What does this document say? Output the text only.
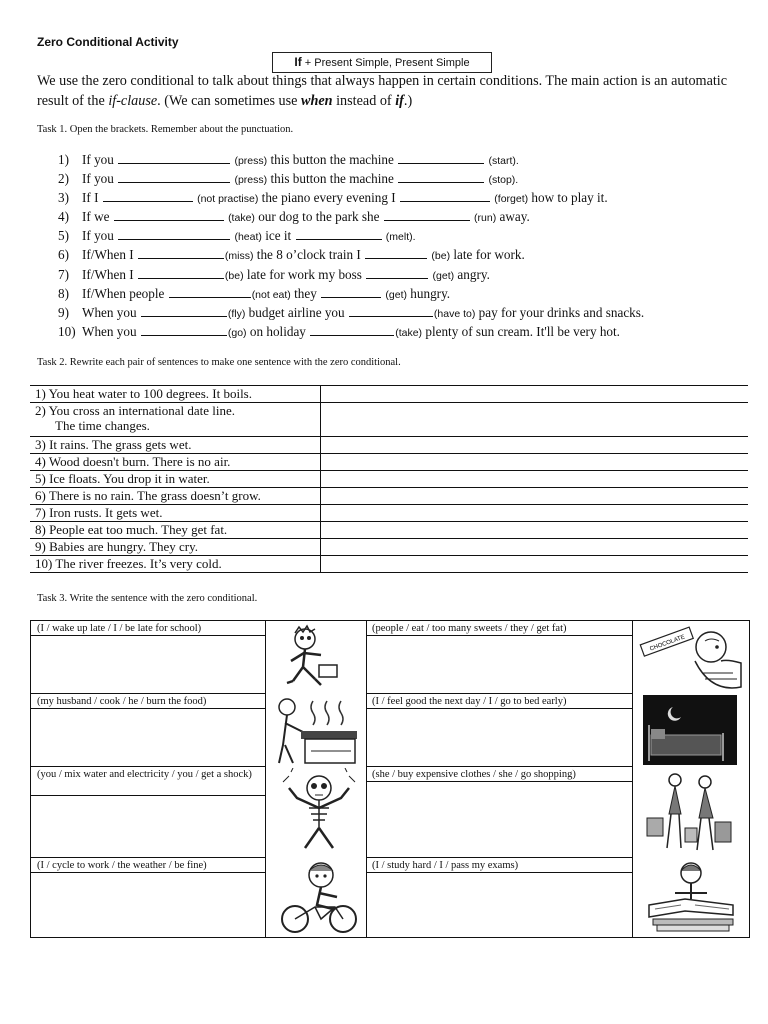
Zero Conditional Activity
If + Present Simple, Present Simple
We use the zero conditional to talk about things that always happen in certain conditions. The main action is an automatic result of the if-clause. (We can sometimes use when instead of if.)
Task 1. Open the brackets. Remember about the punctuation.
1) If you	(press) this button the machine	(start).
2) If you	(press) this button the machine	(stop).
3) If I	(not practise) the piano every evening I	(forget) how to play it.
4) If we	(take) our dog to the park she	(run) away.
5) If you	(heat) ice it	(melt).
6) If/When I	(miss) the 8 o’clock train I	(be) late for work.
7) If/When I	(be) late for work my boss	(get) angry.
8) If/When people	(not eat) they	(get) hungry.
9) When you	(fly) budget airline you	(have to) pay for your drinks and snacks.
10) When you	(go) on holiday	(take) plenty of sun cream. It'll be very hot.
Task 2. Rewrite each pair of sentences to make one sentence with the zero conditional.
1) You heat water to 100 degrees. It boils.	

2) You cross an international date line.
The time changes.	

3) It rains. The grass gets wet.	
4) Wood doesn't burn. There is no air.	
5) Ice floats. You drop it in water.	
6) There is no rain. The grass doesn’t grow.	
7) Iron rusts. It gets wet.	
8) People eat too much. They get fat.	
9) Babies are hungry. They cry.	
10) The river freezes. It’s very cold.	
Task 3. Write the sentence with the zero conditional.
(I / wake up late / I / be late for school)	(people / eat / too many sweets / they / get fat)
(my husband / cook / he / burn the food)	(I / feel good the next day / I / go to bed early)
(you / mix water and electricity / you / get a shock)	(she / buy expensive clothes / she / go shopping)
(I / cycle to work / the weather / be fine)	(I / study hard / I / pass my exams)
CHOCOLATE
